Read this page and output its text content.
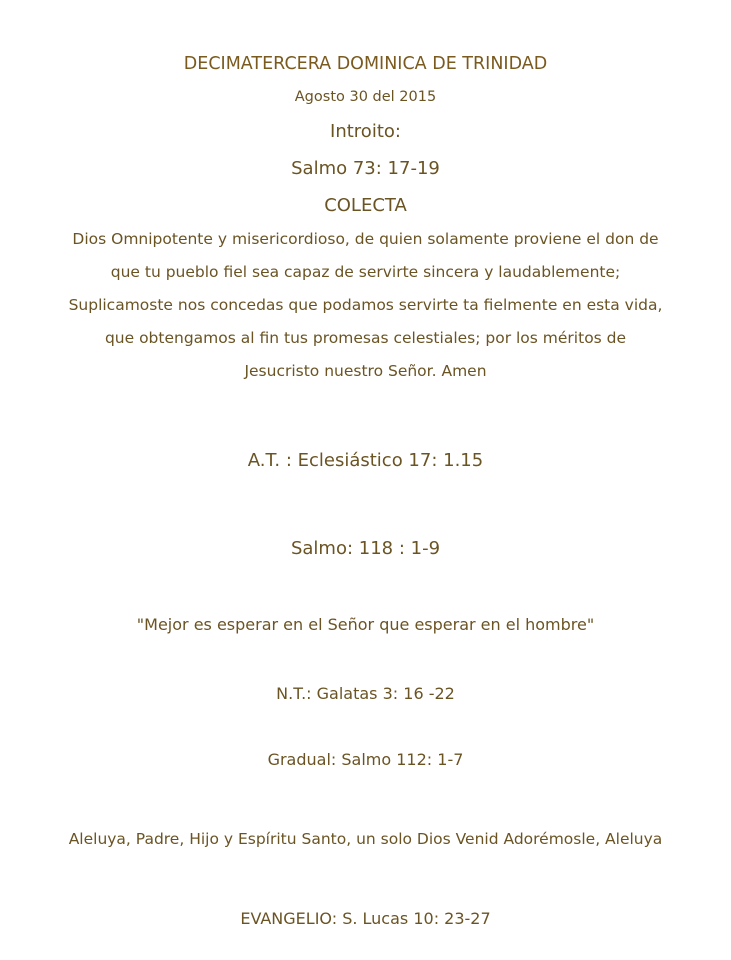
DECIMATERCERA DOMINICA DE TRINIDAD
Agosto 30 del 2015
Introito:
Salmo 73: 17-19
COLECTA
Dios Omnipotente y misericordioso, de quien solamente proviene el don de
que tu pueblo fiel sea capaz de servirte sincera y laudablemente;
Suplicamoste nos concedas que podamos servirte ta fielmente en esta vida,
que obtengamos al fin tus promesas celestiales; por los méritos de
Jesucristo nuestro Señor. Amen
A.T. : Eclesiástico 17: 1.15
Salmo: 118 : 1-9
"Mejor es esperar en el Señor que esperar en el hombre"
N.T.: Galatas 3: 16 -22
Gradual: Salmo 112: 1-7
Aleluya, Padre, Hijo y Espíritu Santo, un solo Dios Venid Adorémosle, Aleluya
EVANGELIO: S. Lucas 10: 23-27
